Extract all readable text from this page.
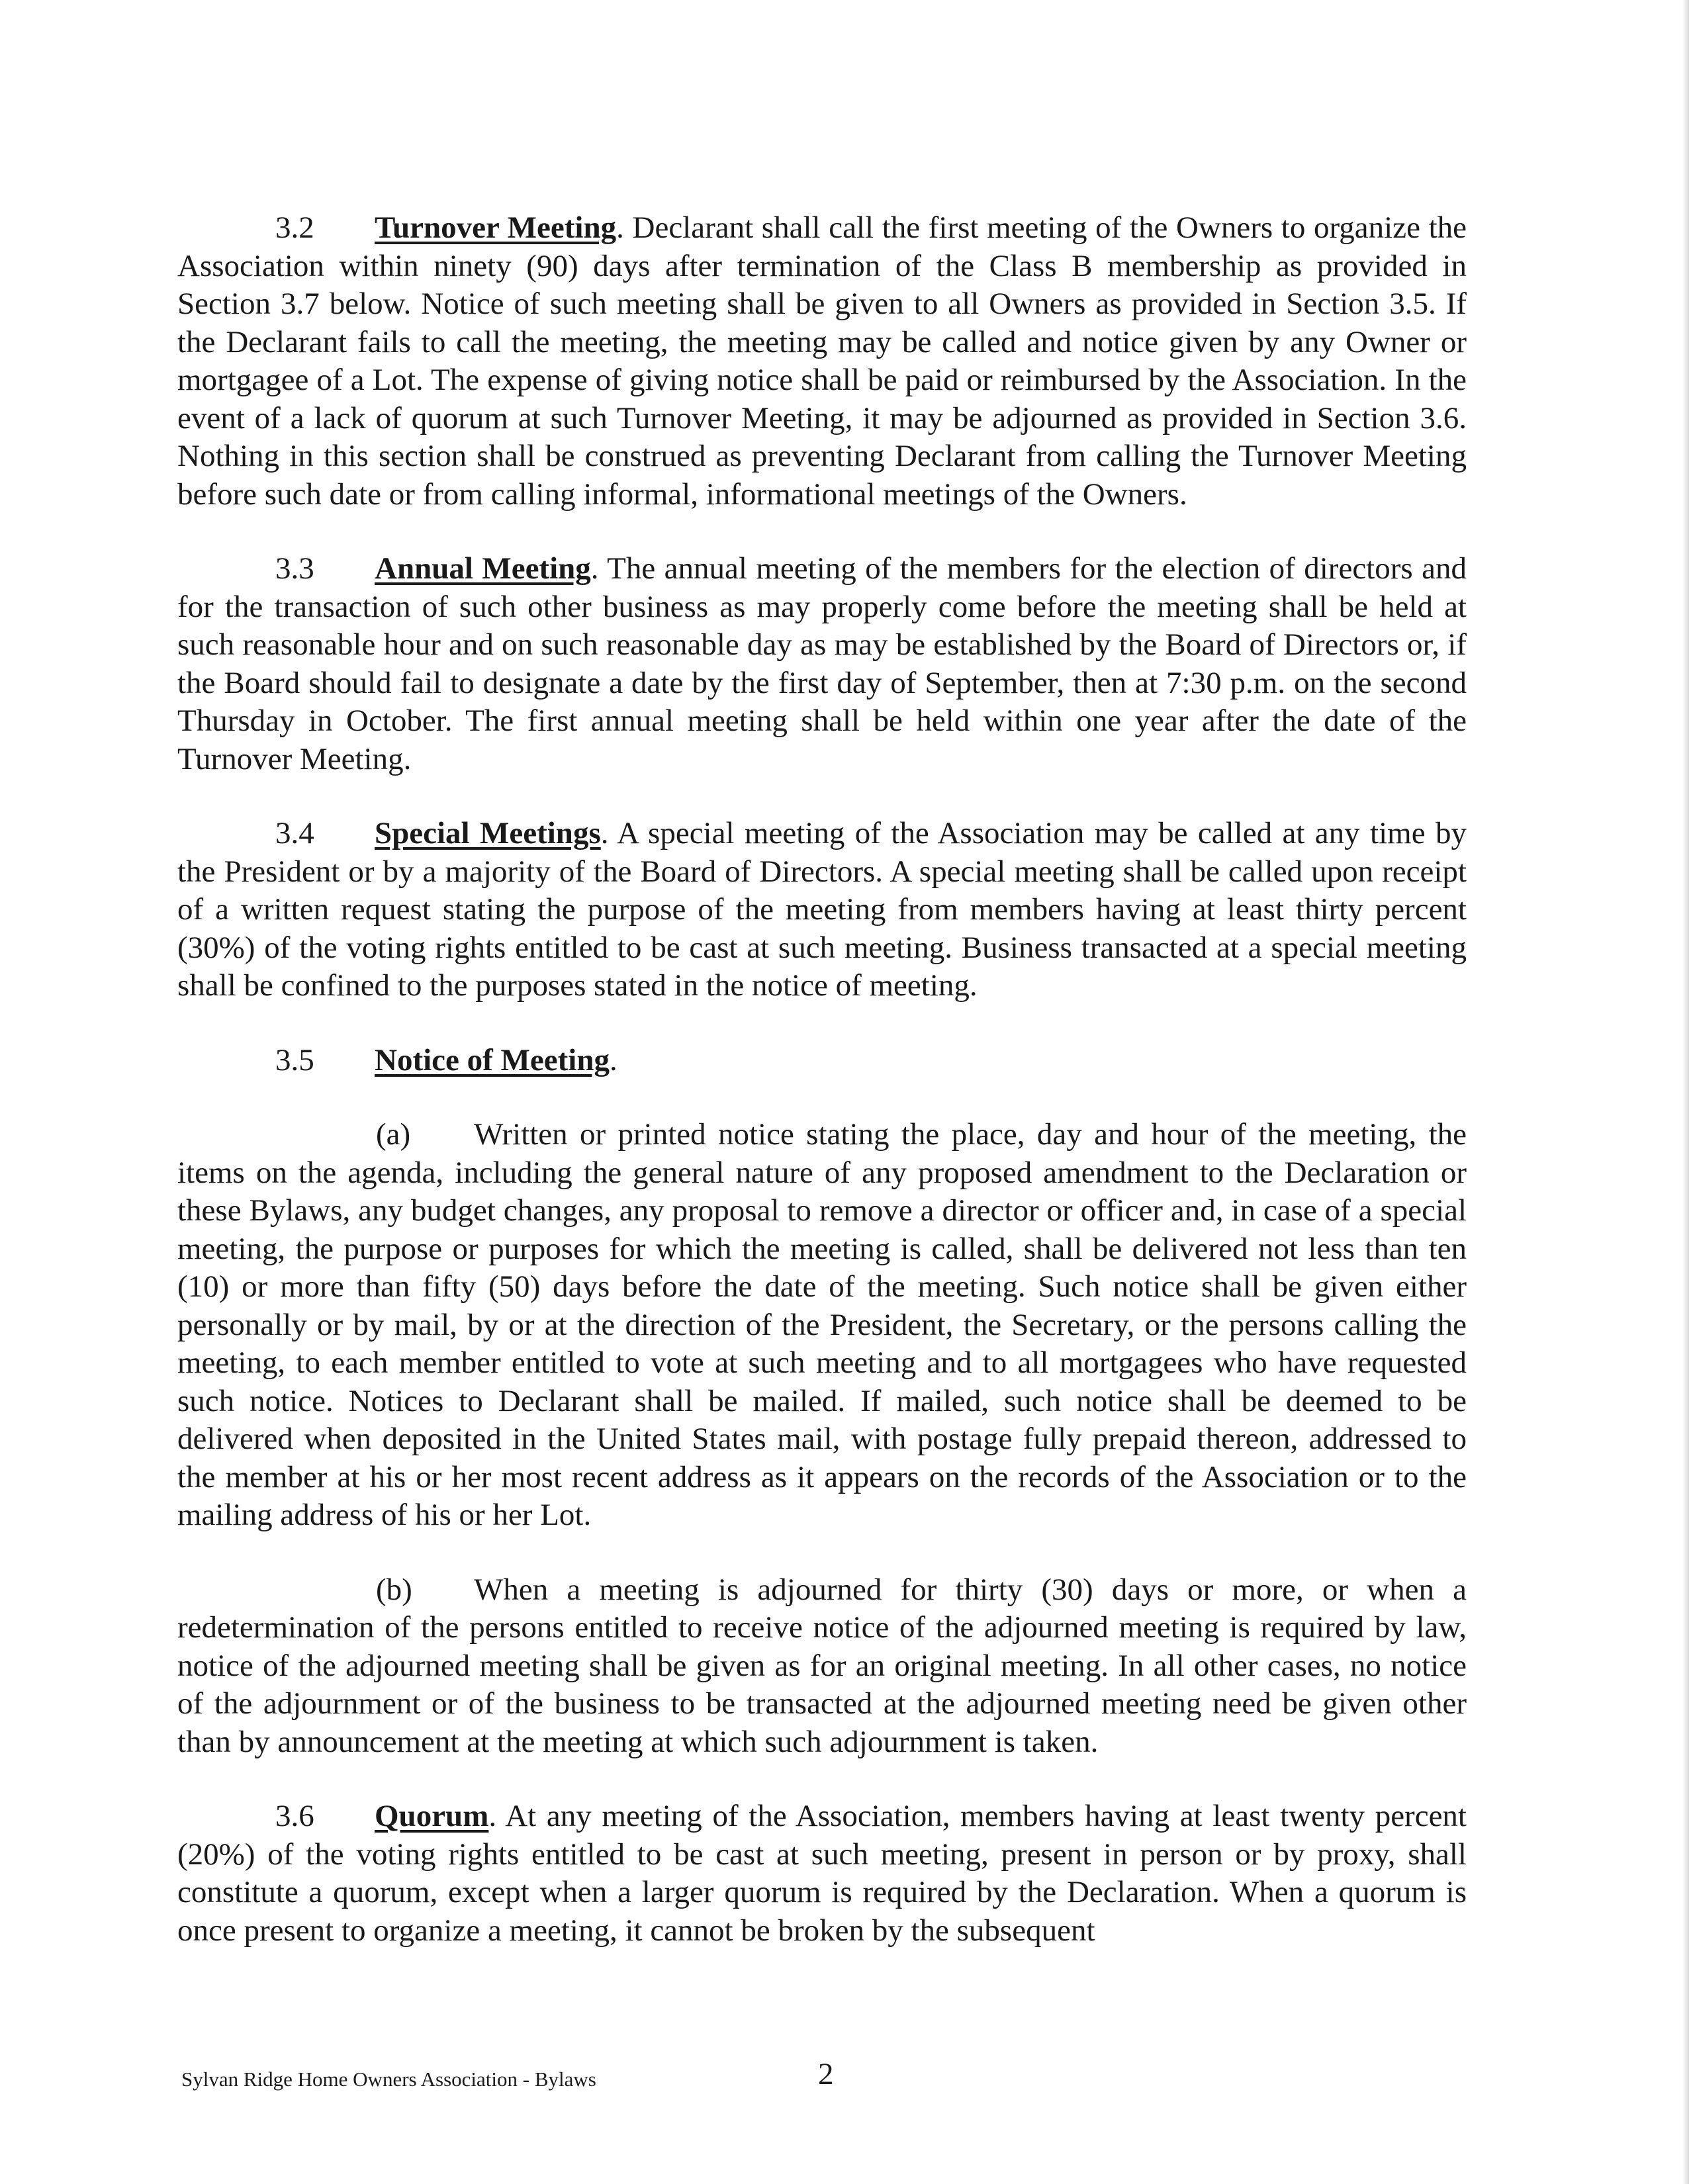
3.2 Turnover Meeting. Declarant shall call the first meeting of the Owners to organize the Association within ninety (90) days after termination of the Class B membership as provided in Section 3.7 below. Notice of such meeting shall be given to all Owners as provided in Section 3.5. If the Declarant fails to call the meeting, the meeting may be called and notice given by any Owner or mortgagee of a Lot. The expense of giving notice shall be paid or reimbursed by the Association. In the event of a lack of quorum at such Turnover Meeting, it may be adjourned as provided in Section 3.6. Nothing in this section shall be construed as preventing Declarant from calling the Turnover Meeting before such date or from calling informal, informational meetings of the Owners.

3.3 Annual Meeting. The annual meeting of the members for the election of directors and for the transaction of such other business as may properly come before the meeting shall be held at such reasonable hour and on such reasonable day as may be established by the Board of Directors or, if the Board should fail to designate a date by the first day of September, then at 7:30 p.m. on the second Thursday in October. The first annual meeting shall be held within one year after the date of the Turnover Meeting.

3.4 Special Meetings. A special meeting of the Association may be called at any time by the President or by a majority of the Board of Directors. A special meeting shall be called upon receipt of a written request stating the purpose of the meeting from members having at least thirty percent (30%) of the voting rights entitled to be cast at such meeting. Business transacted at a special meeting shall be confined to the purposes stated in the notice of meeting.

3.5 Notice of Meeting.

(a) Written or printed notice stating the place, day and hour of the meeting, the items on the agenda, including the general nature of any proposed amendment to the Declaration or these Bylaws, any budget changes, any proposal to remove a director or officer and, in case of a special meeting, the purpose or purposes for which the meeting is called, shall be delivered not less than ten (10) or more than fifty (50) days before the date of the meeting. Such notice shall be given either personally or by mail, by or at the direction of the President, the Secretary, or the persons calling the meeting, to each member entitled to vote at such meeting and to all mortgagees who have requested such notice. Notices to Declarant shall be mailed. If mailed, such notice shall be deemed to be delivered when deposited in the United States mail, with postage fully prepaid thereon, addressed to the member at his or her most recent address as it appears on the records of the Association or to the mailing address of his or her Lot.

(b) When a meeting is adjourned for thirty (30) days or more, or when a redetermination of the persons entitled to receive notice of the adjourned meeting is required by law, notice of the adjourned meeting shall be given as for an original meeting. In all other cases, no notice of the adjournment or of the business to be transacted at the adjourned meeting need be given other than by announcement at the meeting at which such adjournment is taken.

3.6 Quorum. At any meeting of the Association, members having at least twenty percent (20%) of the voting rights entitled to be cast at such meeting, present in person or by proxy, shall constitute a quorum, except when a larger quorum is required by the Declaration. When a quorum is once present to organize a meeting, it cannot be broken by the subsequent

Sylvan Ridge Home Owners Association - Bylaws	2
